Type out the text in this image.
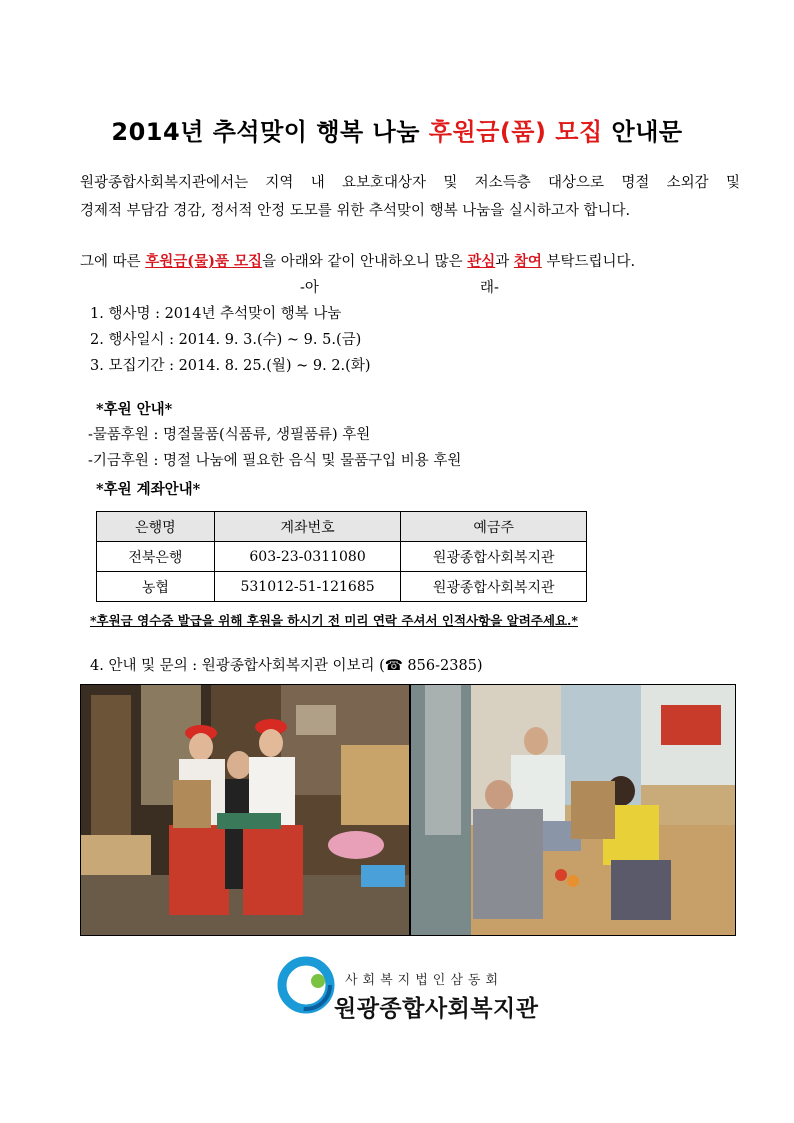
2014년 추석맞이 행복 나눔 후원금(품) 모집 안내문
원광종합사회복지관에서는 지역 내 요보호대상자 및 저소득층 대상으로 명절 소외감 및
경제적 부담감 경감, 정서적 안정 도모를 위한 추석맞이 행복 나눔을 실시하고자 합니다.
그에 따른 후원금(물)품 모집을 아래와 같이 안내하오니 많은 관심과 참여 부탁드립니다.
-아	래-
1. 행사명 : 2014년 추석맞이 행복 나눔
2. 행사일시 : 2014. 9. 3.(수) ~ 9. 5.(금)
3. 모집기간 : 2014. 8. 25.(월) ~ 9. 2.(화)
*후원 안내*
-물품후원 : 명절물품(식품류, 생필품류) 후원
-기금후원 : 명절 나눔에 필요한 음식 및 물품구입 비용 후원
*후원 계좌안내*
은행명	계좌번호	예금주
전북은행	603-23-0311080	원광종합사회복지관
농협	531012-51-121685	원광종합사회복지관
*후원금 영수증 발급을 위해 후원을 하시기 전 미리 연락 주셔서 인적사항을 알려주세요.*
4. 안내 및 문의 : 원광종합사회복지관 이보리 (☎ 856-2385)
사회복지법인삼동회
원광종합사회복지관
